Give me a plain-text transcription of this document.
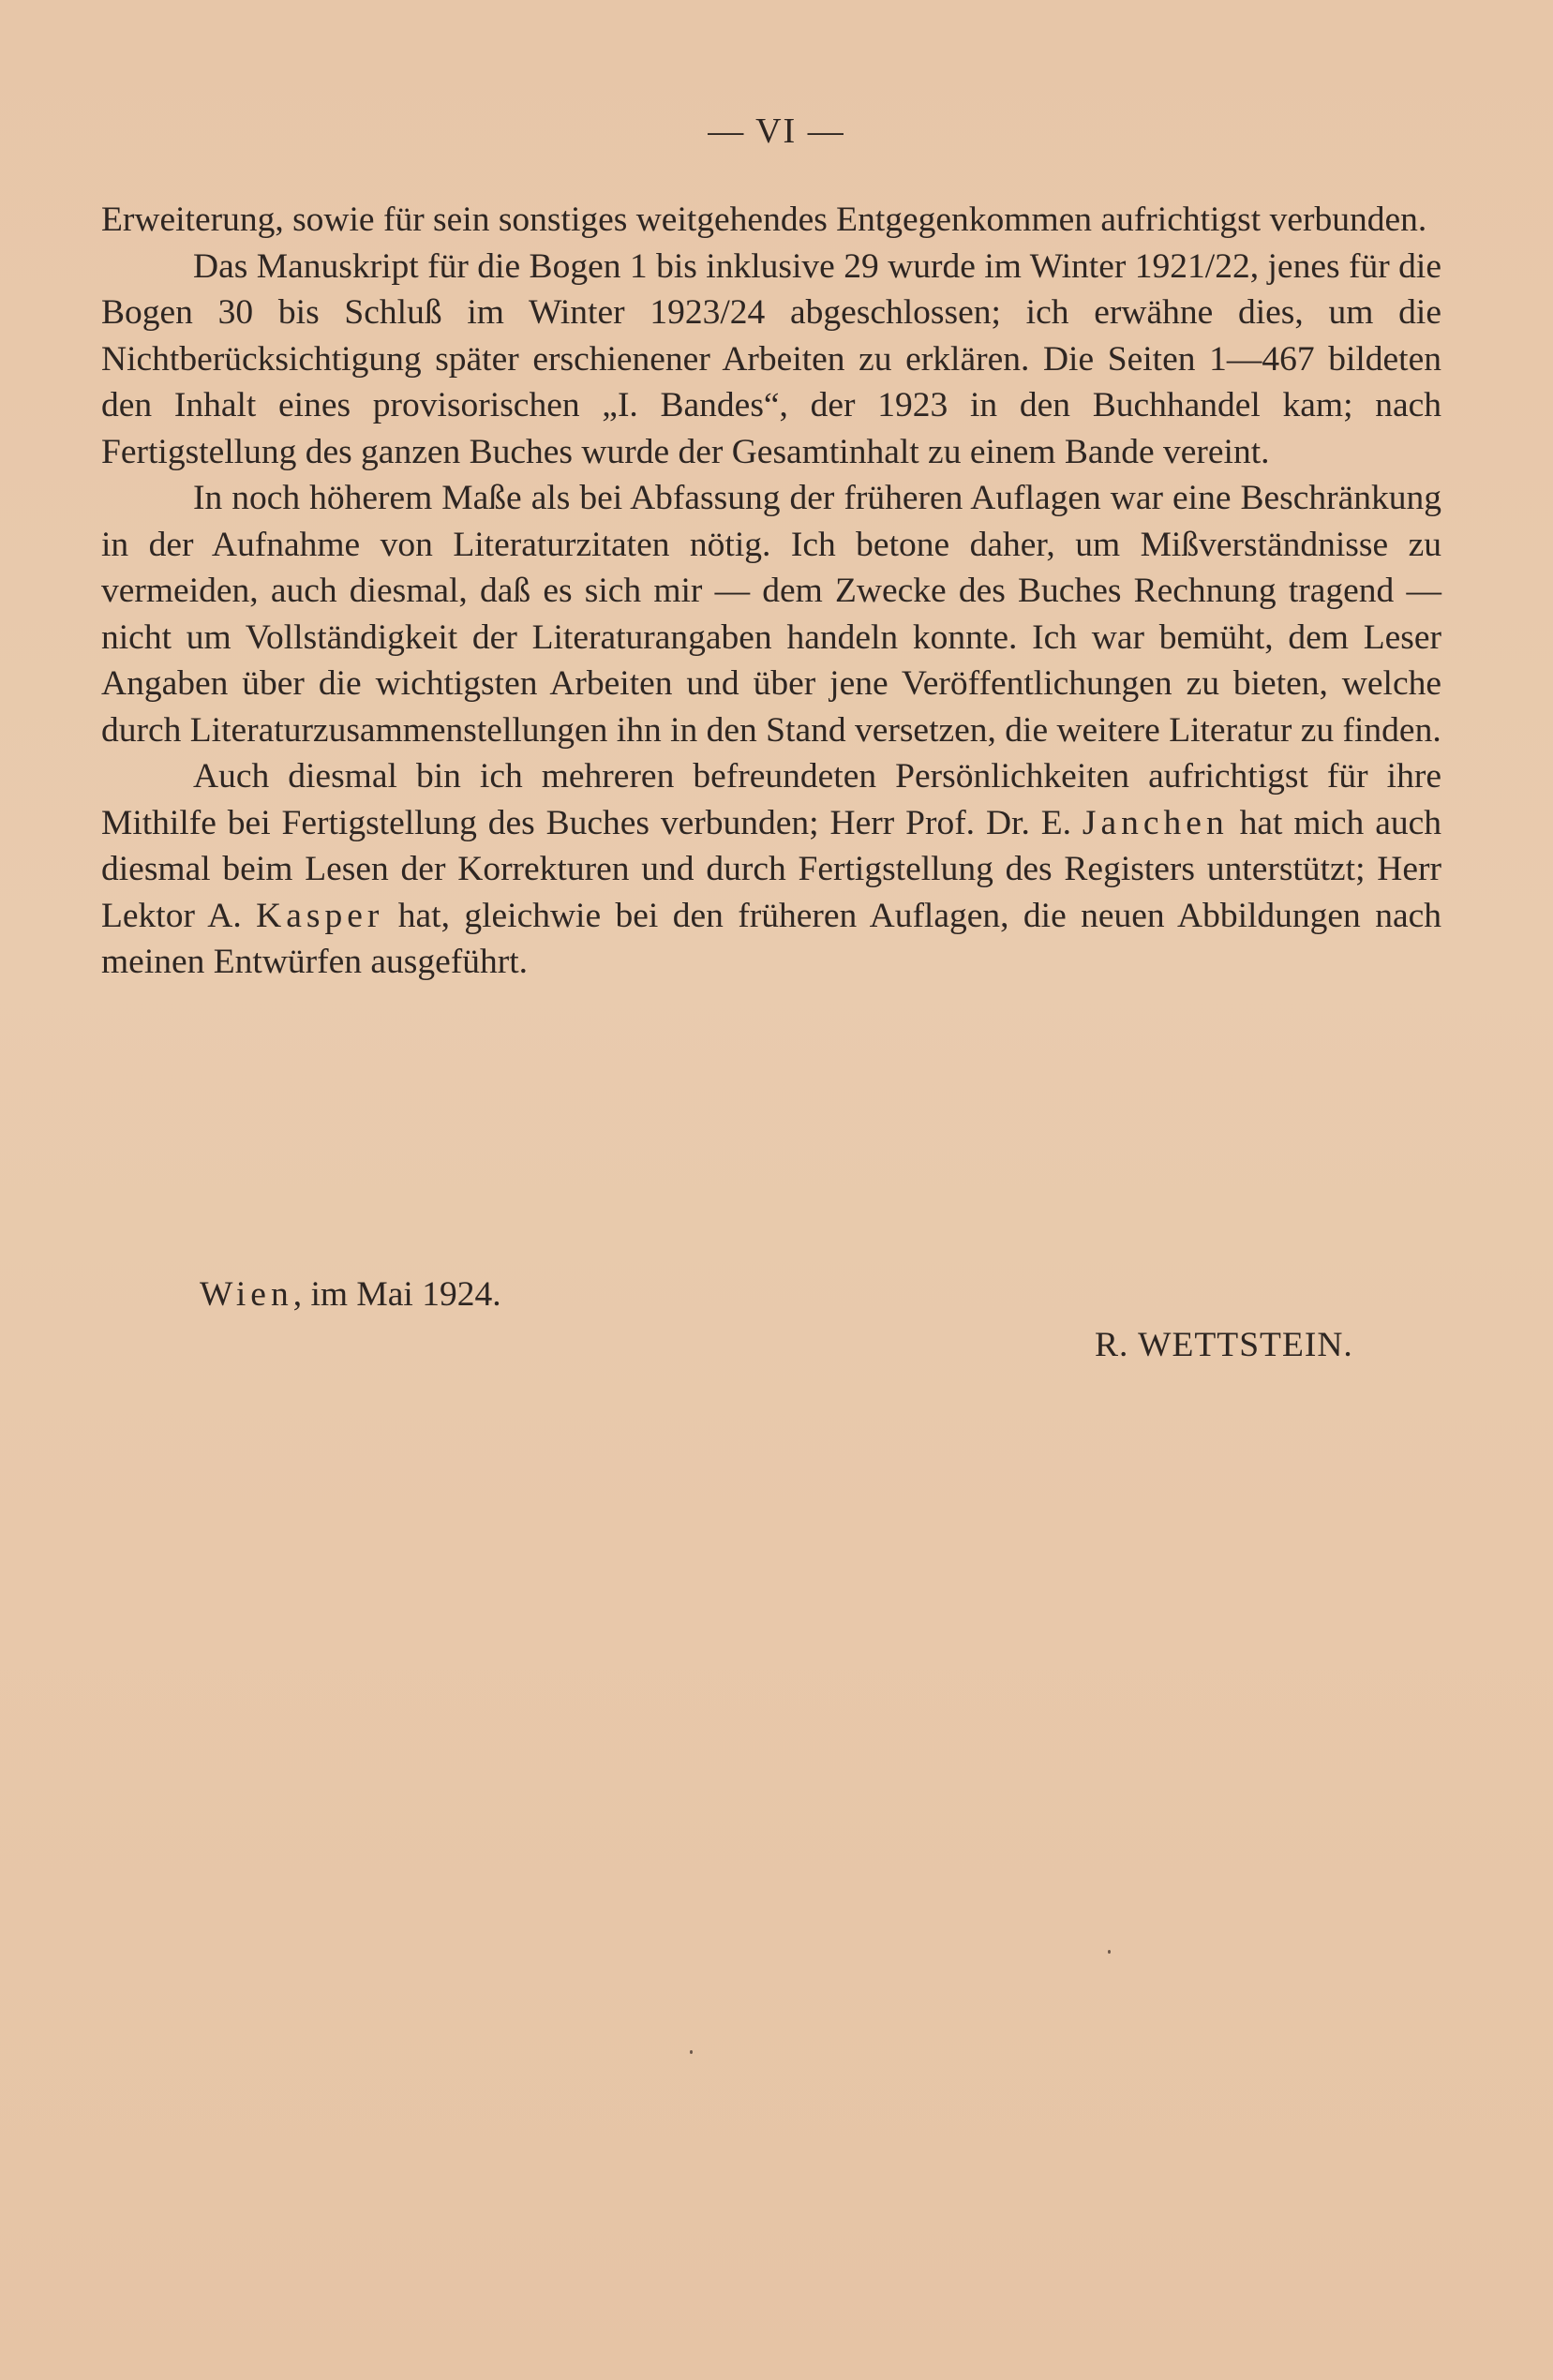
— VI —

Erweiterung, sowie für sein sonstiges weitgehendes Entgegenkommen aufrichtigst verbunden.

Das Manuskript für die Bogen 1 bis inklusive 29 wurde im Winter 1921/22, jenes für die Bogen 30 bis Schluß im Winter 1923/24 abgeschlossen; ich erwähne dies, um die Nichtberücksichtigung später erschienener Arbeiten zu erklären. Die Seiten 1—467 bildeten den Inhalt eines provisorischen „I. Bandes“, der 1923 in den Buchhandel kam; nach Fertigstellung des ganzen Buches wurde der Gesamtinhalt zu einem Bande vereint.

In noch höherem Maße als bei Abfassung der früheren Auflagen war eine Beschränkung in der Aufnahme von Literaturzitaten nötig. Ich betone daher, um Mißverständnisse zu vermeiden, auch diesmal, daß es sich mir — dem Zwecke des Buches Rechnung tragend — nicht um Vollständigkeit der Literaturangaben handeln konnte. Ich war bemüht, dem Leser Angaben über die wichtigsten Arbeiten und über jene Veröffentlichungen zu bieten, welche durch Literaturzusammenstellungen ihn in den Stand versetzen, die weitere Literatur zu finden.

Auch diesmal bin ich mehreren befreundeten Persönlichkeiten aufrichtigst für ihre Mithilfe bei Fertigstellung des Buches verbunden; Herr Prof. Dr. E. Janchen hat mich auch diesmal beim Lesen der Korrekturen und durch Fertigstellung des Registers unterstützt; Herr Lektor A. Kasper hat, gleichwie bei den früheren Auflagen, die neuen Abbildungen nach meinen Entwürfen ausgeführt.

Wien, im Mai 1924.
R. WETTSTEIN.
